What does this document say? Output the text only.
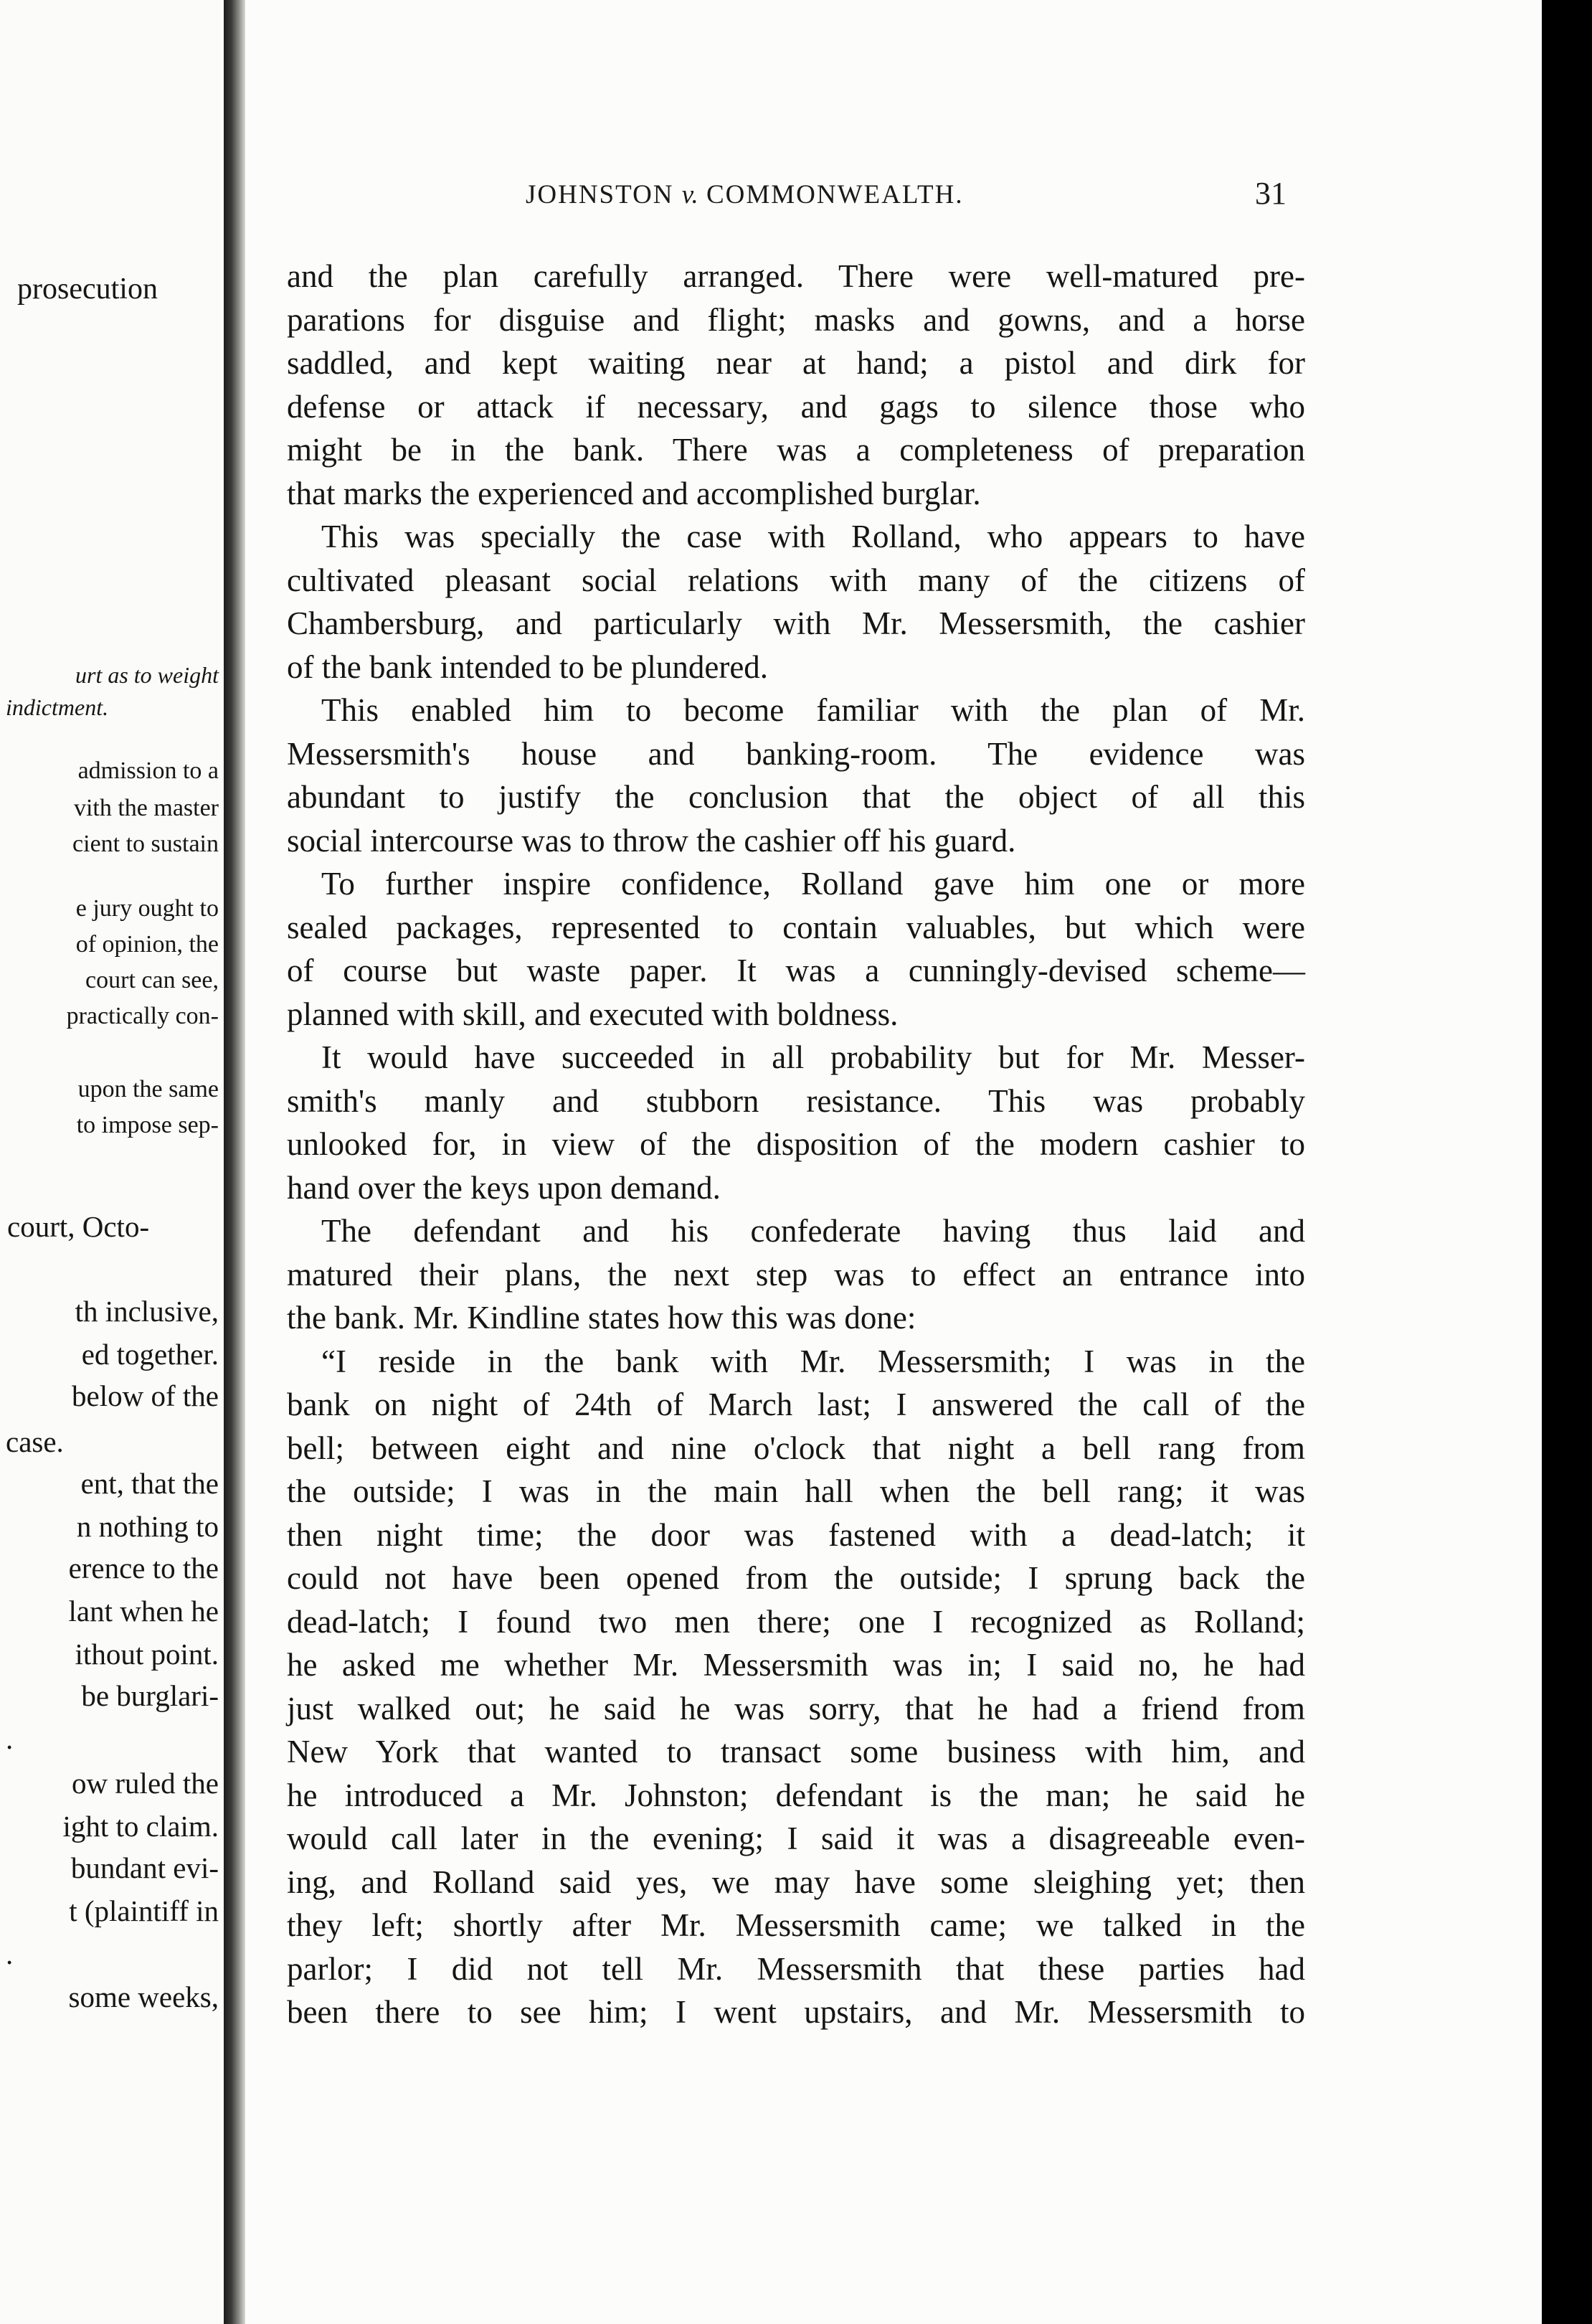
prosecution

urt as to weight

indictment.

admission to a

vith the master

cient to sustain

e jury ought to

of opinion, the

court can see,

practically con-

upon the same

to impose sep-

court, Octo-

th inclusive,

ed together.

below of the

case.

ent, that the

n nothing to

erence to the

lant when he

ithout point.

be burglari-

.

ow ruled the

ight to claim.

bundant evi-

t (plaintiff in

.

some weeks,

JOHNSTON v. COMMONWEALTH.	31

and the plan carefully arranged. There were well-matured pre-
parations for disguise and flight; masks and gowns, and a horse
saddled, and kept waiting near at hand; a pistol and dirk for
defense or attack if necessary, and gags to silence those who
might be in the bank. There was a completeness of preparation
that marks the experienced and accomplished burglar.
This was specially the case with Rolland, who appears to have
cultivated pleasant social relations with many of the citizens of
Chambersburg, and particularly with Mr. Messersmith, the cashier
of the bank intended to be plundered.
This enabled him to become familiar with the plan of Mr.
Messersmith's house and banking-room. The evidence was
abundant to justify the conclusion that the object of all this
social intercourse was to throw the cashier off his guard.
To further inspire confidence, Rolland gave him one or more
sealed packages, represented to contain valuables, but which were
of course but waste paper. It was a cunningly-devised scheme—
planned with skill, and executed with boldness.
It would have succeeded in all probability but for Mr. Messer-
smith's manly and stubborn resistance. This was probably
unlooked for, in view of the disposition of the modern cashier to
hand over the keys upon demand.
The defendant and his confederate having thus laid and
matured their plans, the next step was to effect an entrance into
the bank. Mr. Kindline states how this was done:
“I reside in the bank with Mr. Messersmith; I was in the
bank on night of 24th of March last; I answered the call of the
bell; between eight and nine o'clock that night a bell rang from
the outside; I was in the main hall when the bell rang; it was
then night time; the door was fastened with a dead-latch; it
could not have been opened from the outside; I sprung back the
dead-latch; I found two men there; one I recognized as Rolland;
he asked me whether Mr. Messersmith was in; I said no, he had
just walked out; he said he was sorry, that he had a friend from
New York that wanted to transact some business with him, and
he introduced a Mr. Johnston; defendant is the man; he said he
would call later in the evening; I said it was a disagreeable even-
ing, and Rolland said yes, we may have some sleighing yet; then
they left; shortly after Mr. Messersmith came; we talked in the
parlor; I did not tell Mr. Messersmith that these parties had
been there to see him; I went upstairs, and Mr. Messersmith to
